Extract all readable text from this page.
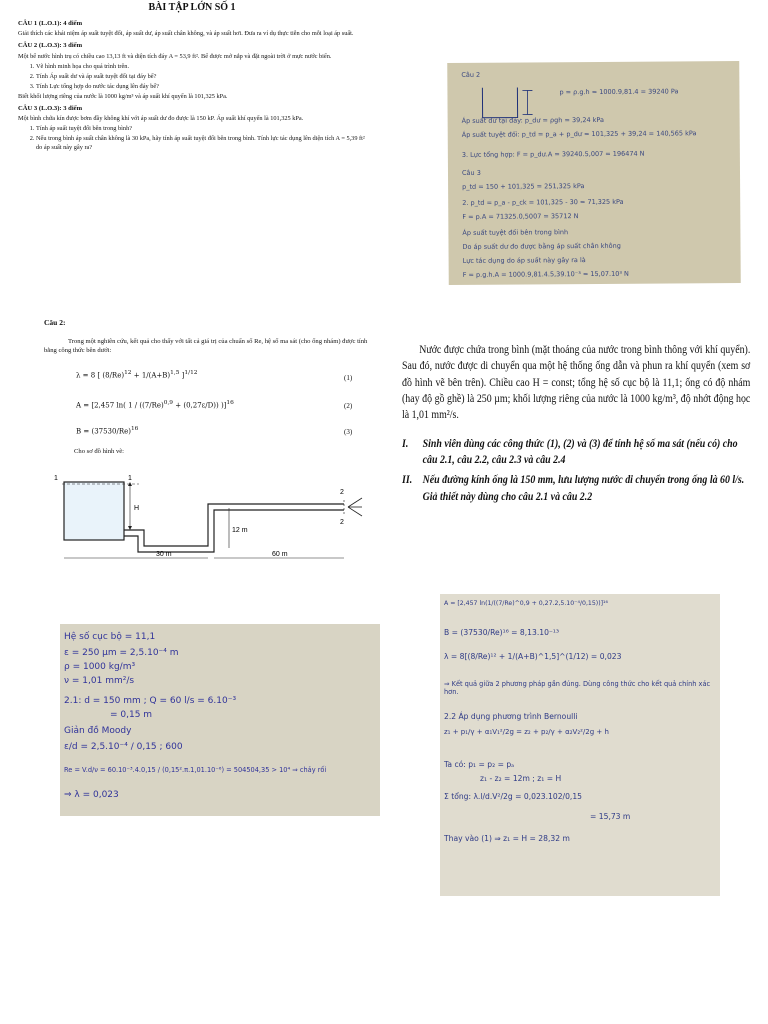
BÀI TẬP LỚN SỐ 1
CÂU 1 (L.O.1): 4 điểm

Giải thích các khái niệm áp suất tuyệt đối, áp suất dư, áp suất chân không, và áp suất hơi. Đưa ra ví dụ thực tiễn cho mỗi loại áp suất.

CÂU 2 (L.O.3): 3 điểm

Một bể nước hình trụ có chiều cao 13,13 ft và diện tích đáy A = 53,9 ft². Bể được mở nắp và đặt ngoài trời ở mực nước biển.

1. Vẽ hình minh họa cho quá trình trên.
2. Tính Áp suất dư và áp suất tuyệt đối tại đáy bể?
3. Tính Lực tổng hợp do nước tác dụng lên đáy bể?

Biết khối lượng riêng của nước là 1000 kg/m³ và áp suất khí quyển là 101,325 kPa.

CÂU 3 (L.O.3): 3 điểm

Một bình chứa kín được bơm đầy không khí với áp suất dư đo được là 150 kP. Áp suất khí quyển là 101,325 kPa.

1. Tính áp suất tuyệt đối bên trong bình?
2. Nếu trong bình áp suất chân không là 30 kPa, hãy tính áp suất tuyệt đối bên trong bình. Tính lực tác dụng lên diện tích A = 5,39 ft² do áp suất này gây ra?
Câu 2
p = ρ.g.h = 1000.9,81.4 = 39240 Pa
Áp suất dư tại đáy: p_dư = ρgh = 39,24 kPa
Áp suất tuyệt đối: p_td = p_a + p_dư = 101,325 + 39,24 = 140,565 kPa
3. Lực tổng hợp: F = p_dư.A = 39240.5,007 = 196474 N
Câu 3
p_td = 150 + 101,325 = 251,325 kPa
2. p_td = p_a - p_ck = 101,325 - 30 = 71,325 kPa
F = p.A = 71325.0,5007 = 35712 N
Áp suất tuyệt đối bên trong bình
Do áp suất dư đo được bằng áp suất chân không
Lực tác dụng do áp suất này gây ra là
F = p.g.h.A = 1000.9,81.4.5,39.10⁻³ = 15,07.10³ N
Câu 2:
Trong một nghiên cứu, kết quả cho thấy với tất cả giá trị của chuẩn số Re, hệ số ma sát (cho ống nhám) được tính bằng công thức bên dưới:
λ = 8 [ $(8/Re)^{12} + 1/(A+B)^{1,5}$ ]$^{1/12}$
(1)
A = [2,457 ln( $1 / ((7/Re)^{0,9} + (0,27\varepsilon/D))$ )]$^{16}$	(2)
$B = (37530/Re)^{16}$	(3)
Cho sơ đồ hình vẽ:
1	1
2
2
H
12 m
30 m	60 m

Nước được chứa trong bình (mặt thoáng của nước trong bình thông với khí quyển). Sau đó, nước được di chuyển qua một hệ thống ống dẫn và phun ra khí quyển (xem sơ đồ hình vẽ bên trên). Chiều cao H = const; tổng hệ số cục bộ là 11,1; ống có độ nhám (hay độ gồ ghề) là 250 µm; khối lượng riêng của nước là 1000 kg/m³, độ nhớt động học là 1,01 mm²/s.

I.	Sinh viên dùng các công thức (1), (2) và (3) để tính hệ số ma sát (nếu có) cho câu 2.1, câu 2.2, câu 2.3 và câu 2.4
II. Nếu đường kính ống là 150 mm, lưu lượng nước di chuyển trong ống là 60 l/s. Giả thiết này dùng cho câu 2.1 và câu 2.2
Hệ số cục bộ = 11,1
ε = 250 µm = 2,5.10⁻⁴ m
ρ = 1000 kg/m³
ν = 1,01 mm²/s
2.1: d = 150 mm ; Q = 60 l/s = 6.10⁻³
= 0,15 m
Giản đồ Moody
ε/d = 2,5.10⁻⁴ / 0,15 ; 600
Re = V.d/ν = 60.10⁻³.4.0,15 / (0,15².π.1,01.10⁻⁶) = 504504,35 > 10⁴ ⇒ chảy rối
⇒ λ = 0,023
A = [2,457 ln(1/((7/Re)^0,9 + 0,27.2,5.10⁻⁴/0,15))]¹⁶
B = (37530/Re)¹⁶ = 8,13.10⁻¹³
λ = 8[(8/Re)¹² + 1/(A+B)^1,5]^(1/12) = 0,023
⇒ Kết quả giữa 2 phương pháp gần đúng. Dùng công thức cho kết quả chính xác hơn.
2.2 Áp dụng phương trình Bernoulli
z₁ + p₁/γ + α₁V₁²/2g = z₂ + p₂/γ + α₂V₂²/2g + h
Ta có: p₁ = p₂ = pₐ
z₁ - z₂ = 12m ; z₁ = H
Σ tổng: λ.l/d.V²/2g = 0,023.102/0,15
= 15,73 m
Thay vào (1) ⇒ z₁ = H = 28,32 m
